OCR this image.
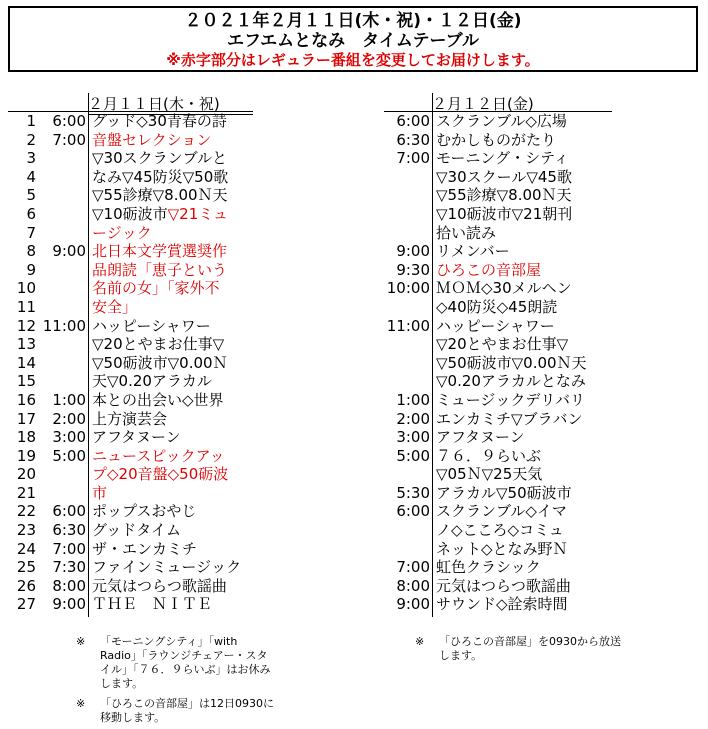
２０２１年２月１１日(木・祝)・１２日(金)
エフエムとなみ　タイムテーブル
※赤字部分はレギュラー番組を変更してお届けします。
２月１１日(木・祝)
1	6:00 グッド◇30青春の詩
2	7:00 音盤セレクション
3	▽30スクランブルと
4	なみ▽45防災▽50歌
5	▽55診療▽8.00Ｎ天
6	▽10砺波市▽21ミュ
7	ージック
8	9:00 北日本文学賞選奨作
9	品朗読「恵子という
10	名前の女」「家外不
11	安全」
12 11:00 ハッピーシャワー
13	▽20とやまお仕事▽
14	▽50砺波市▽0.00Ｎ
15	天▽0.20アラカル
16	1:00 本との出会い◇世界
17	2:00 上方演芸会
18	3:00 アフタヌーン
19	5:00 ニュースピックアッ
20	プ◇20音盤◇50砺波
21	市
22	6:00 ポップスおやじ
23	6:30 グッドタイム
24	7:00 ザ・エンカミチ
25	7:30 ファインミュージック
26	8:00 元気はつらつ歌謡曲
27	9:00 ＴＨＥ　ＮＩＴＥ
２月１２日(金)
6:00 スクランブル◇広場
6:30 むかしものがたり
7:00 モーニング・シティ
▽30スクール▽45歌
▽55診療▽8.00Ｎ天
▽10砺波市▽21朝刊
拾い読み
9:00 リメンバー
9:30 ひろこの音部屋
10:00 ＭＯＭ◇30メルヘン
◇40防災◇45朗読
11:00 ハッピーシャワー
▽20とやまお仕事▽
▽50砺波市▽0.00Ｎ天
▽0.20アラカルとなみ
1:00 ミュージックデリバリ
2:00 エンカミチ▽ブラバン
3:00 アフタヌーン
5:00 ７６．９らいぶ
▽05Ｎ▽25天気
5:30 アラカル▽50砺波市
6:00 スクランブル◇イマ
ノ◇こころ◇コミュ
ネット◇となみ野Ｎ
7:00 虹色クラシック
8:00 元気はつらつ歌謡曲
9:00 サウンド◇詮索時間
※ 「モーニングシティ」「with Radio」「ラウンジチェアー・スタイル」「７６．９らいぶ」はお休みします。
※ 「ひろこの音部屋」は12日0930に移動します。
※ 「ひろこの音部屋」を0930から放送します。
